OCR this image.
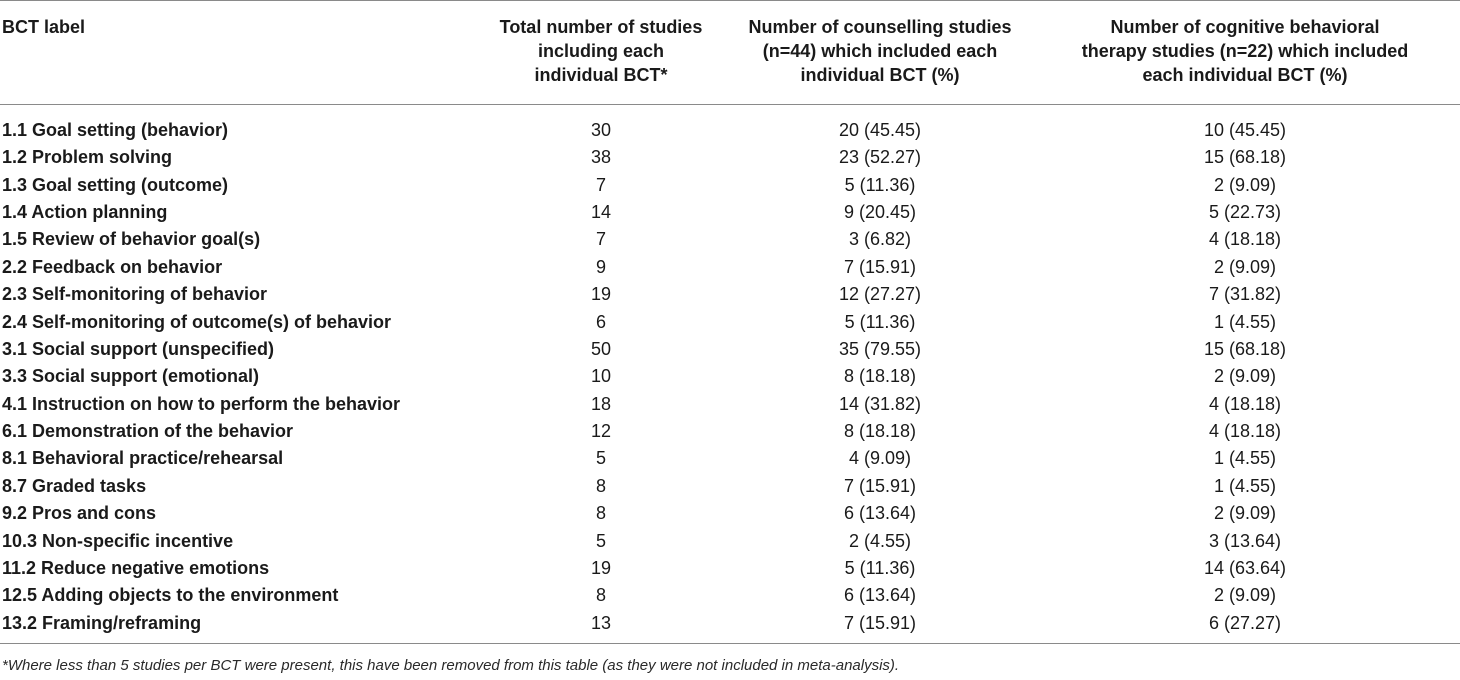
BCT label	Total number of studies
including each
individual BCT*	Number of counselling studies
(n=44) which included each
individual BCT (%)	Number of cognitive behavioral
therapy studies (n=22) which included
each individual BCT (%)

1.1 Goal setting (behavior)	30	20 (45.45)	10 (45.45)
1.2 Problem solving	38	23 (52.27)	15 (68.18)
1.3 Goal setting (outcome)	7	5 (11.36)	2 (9.09)
1.4 Action planning	14	9 (20.45)	5 (22.73)
1.5 Review of behavior goal(s)	7	3 (6.82)	4 (18.18)
2.2 Feedback on behavior	9	7 (15.91)	2 (9.09)
2.3 Self-monitoring of behavior	19	12 (27.27)	7 (31.82)
2.4 Self-monitoring of outcome(s) of behavior	6	5 (11.36)	1 (4.55)
3.1 Social support (unspecified)	50	35 (79.55)	15 (68.18)
3.3 Social support (emotional)	10	8 (18.18)	2 (9.09)
4.1 Instruction on how to perform the behavior	18	14 (31.82)	4 (18.18)
6.1 Demonstration of the behavior	12	8 (18.18)	4 (18.18)
8.1 Behavioral practice/rehearsal	5	4 (9.09)	1 (4.55)
8.7 Graded tasks	8	7 (15.91)	1 (4.55)
9.2 Pros and cons	8	6 (13.64)	2 (9.09)
10.3 Non-specific incentive	5	2 (4.55)	3 (13.64)
11.2 Reduce negative emotions	19	5 (11.36)	14 (63.64)
12.5 Adding objects to the environment	8	6 (13.64)	2 (9.09)
13.2 Framing/reframing	13	7 (15.91)	6 (27.27)
*Where less than 5 studies per BCT were present, this have been removed from this table (as they were not included in meta-analysis).
